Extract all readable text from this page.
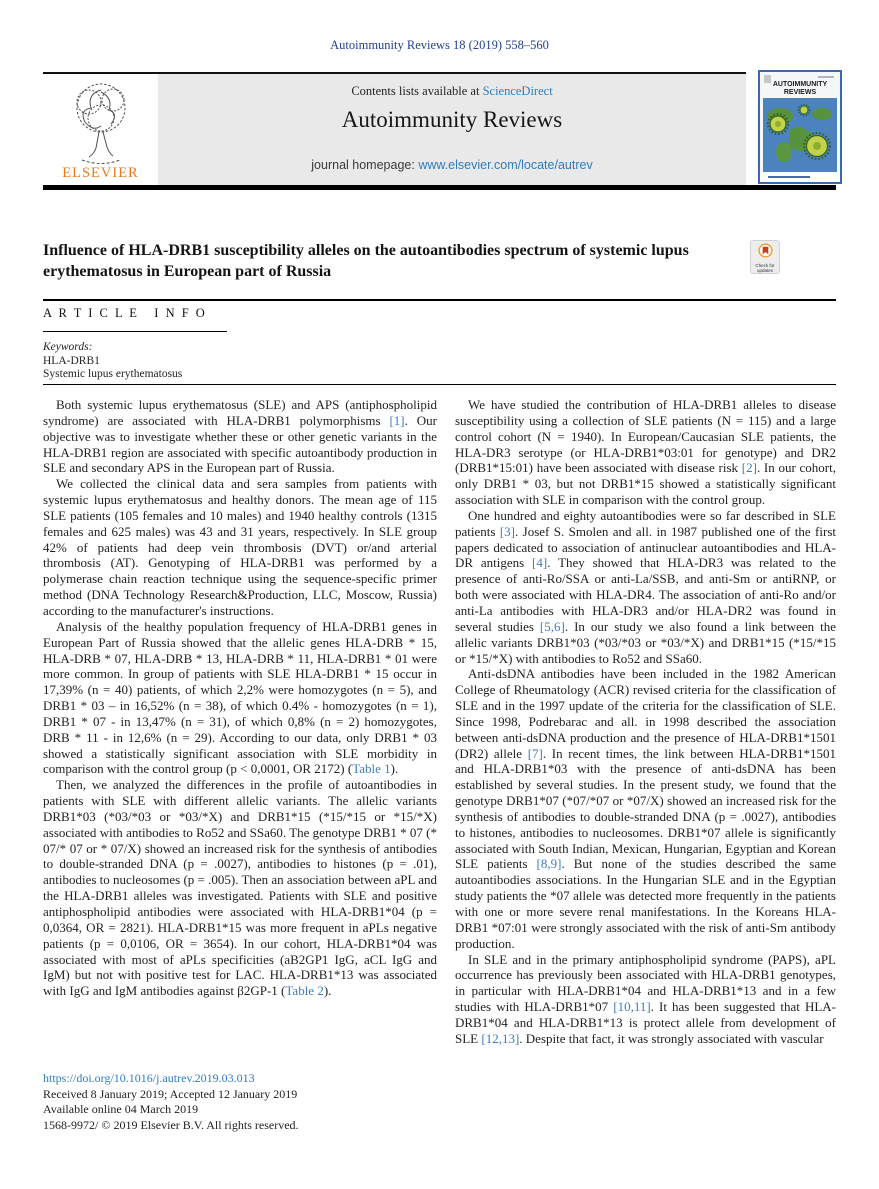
Autoimmunity Reviews 18 (2019) 558–560
ELSEVIER
Contents lists available at ScienceDirect
Autoimmunity Reviews
journal homepage: www.elsevier.com/locate/autrev
AUTOIMMUNITY
REVIEWS
Influence of HLA-DRB1 susceptibility alleles on the autoantibodies spectrum of systemic lupus erythematosus in European part of Russia	Check for
updates
A R T I C L E   I N F O
Keywords:
HLA-DRB1
Systemic lupus erythematosus

Both systemic lupus erythematosus (SLE) and APS (antiphospholipid syndrome) are associated with HLA-DRB1 polymorphisms [1]. Our objective was to investigate whether these or other genetic variants in the HLA-DRB1 region are associated with specific autoantibody production in SLE and secondary APS in the European part of Russia.

We collected the clinical data and sera samples from patients with systemic lupus erythematosus and healthy donors. The mean age of 115 SLE patients (105 females and 10 males) and 1940 healthy controls (1315 females and 625 males) was 43 and 31 years, respectively. In SLE group 42% of patients had deep vein thrombosis (DVT) or/and arterial thrombosis (AT). Genotyping of HLA-DRB1 was performed by a polymerase chain reaction technique using the sequence-specific primer method (DNA Technology Research&Production, LLC, Moscow, Russia) according to the manufacturer's instructions.

Analysis of the healthy population frequency of HLA-DRB1 genes in European Part of Russia showed that the allelic genes HLA-DRB * 15, HLA-DRB * 07, HLA-DRB * 13, HLA-DRB * 11, HLA-DRB1 * 01 were more common. In group of patients with SLE HLA-DRB1 * 15 occur in 17,39% (n = 40) patients, of which 2,2% were homozygotes (n = 5), and DRB1 * 03 – in 16,52% (n = 38), of which 0.4% - homozygotes (n = 1), DRB1 * 07 - in 13,47% (n = 31), of which 0,8% (n = 2) homozygotes, DRB * 11 - in 12,6% (n = 29). According to our data, only DRB1 * 03 showed a statistically significant association with SLE morbidity in comparison with the control group (p < 0,0001, OR 2172) (Table 1).

Then, we analyzed the differences in the profile of autoantibodies in patients with SLE with different allelic variants. The allelic variants DRB1*03 (*03/*03 or *03/*X) and DRB1*15 (*15/*15 or *15/*X) associated with antibodies to Ro52 and SSa60. The genotype DRB1 * 07 (* 07/* 07 or * 07/X) showed an increased risk for the synthesis of antibodies to double-stranded DNA (p = .0027), antibodies to histones (p = .01), antibodies to nucleosomes (p = .005). Then an association between aPL and the HLA-DRB1 alleles was investigated. Patients with SLE and positive antiphospholipid antibodies were associated with HLA-DRB1*04 (p = 0,0364, OR = 2821). HLA-DRB1*15 was more frequent in aPLs negative patients (p = 0,0106, OR = 3654). In our cohort, HLA-DRB1*04 was associated with most of aPLs specificities (aB2GP1 IgG, aCL IgG and IgM) but not with positive test for LAC. HLA-DRB1*13 was associated with IgG and IgM antibodies against β2GP-1 (Table 2).

We have studied the contribution of HLA-DRB1 alleles to disease susceptibility using a collection of SLE patients (N = 115) and a large control cohort (N = 1940). In European/Caucasian SLE patients, the HLA-DR3 serotype (or HLA-DRB1*03:01 for genotype) and DR2 (DRB1*15:01) have been associated with disease risk [2]. In our cohort, only DRB1 * 03, but not DRB1*15 showed a statistically significant association with SLE in comparison with the control group.

One hundred and eighty autoantibodies were so far described in SLE patients [3]. Josef S. Smolen and all. in 1987 published one of the first papers dedicated to association of antinuclear autoantibodies and HLA-DR antigens [4]. They showed that HLA-DR3 was related to the presence of anti-Ro/SSA or anti-La/SSB, and anti-Sm or antiRNP, or both were associated with HLA-DR4. The association of anti-Ro and/or anti-La antibodies with HLA-DR3 and/or HLA-DR2 was found in several studies [5,6]. In our study we also found a link between the allelic variants DRB1*03 (*03/*03 or *03/*X) and DRB1*15 (*15/*15 or *15/*X) with antibodies to Ro52 and SSa60.

Anti-dsDNA antibodies have been included in the 1982 American College of Rheumatology (ACR) revised criteria for the classification of SLE and in the 1997 update of the criteria for the classification of SLE. Since 1998, Podrebarac and all. in 1998 described the association between anti-dsDNA production and the presence of HLA-DRB1*1501 (DR2) allele [7]. In recent times, the link between HLA-DRB1*1501 and HLA-DRB1*03 with the presence of anti-dsDNA has been established by several studies. In the present study, we found that the genotype DRB1*07 (*07/*07 or *07/X) showed an increased risk for the synthesis of antibodies to double-stranded DNA (p = .0027), antibodies to histones, antibodies to nucleosomes. DRB1*07 allele is significantly associated with South Indian, Mexican, Hungarian, Egyptian and Korean SLE patients [8,9]. But none of the studies described the same autoantibodies associations. In the Hungarian SLE and in the Egyptian study patients the *07 allele was detected more frequently in the patients with one or more severe renal manifestations. In the Koreans HLA-DRB1 *07:01 were strongly associated with the risk of anti-Sm antibody production.

In SLE and in the primary antiphospholipid syndrome (PAPS), aPL occurrence has previously been associated with HLA-DRB1 genotypes, in particular with HLA-DRB1*04 and HLA-DRB1*13 and in a few studies with HLA-DRB1*07 [10,11]. It has been suggested that HLA-DRB1*04 and HLA-DRB1*13 is protect allele from development of SLE [12,13]. Despite that fact, it was strongly associated with vascular

https://doi.org/10.1016/j.autrev.2019.03.013
Received 8 January 2019; Accepted 12 January 2019
Available online 04 March 2019
1568-9972/ © 2019 Elsevier B.V. All rights reserved.
